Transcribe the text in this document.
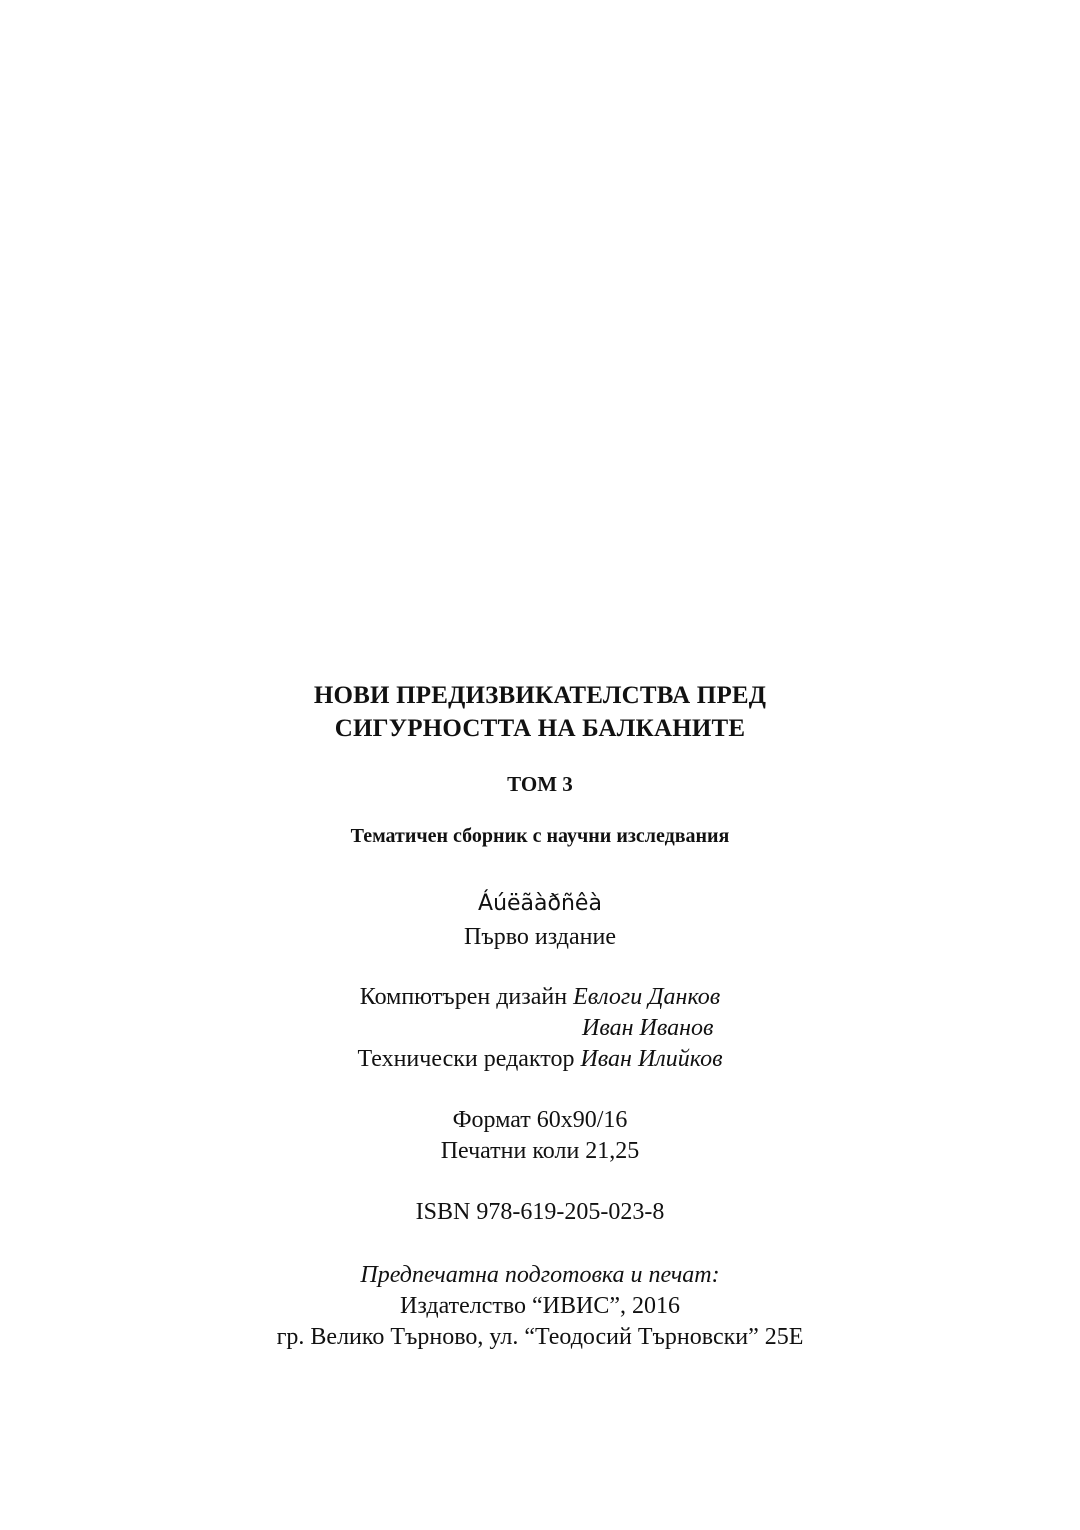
НОВИ ПРЕДИЗВИКАТЕЛСТВА ПРЕД
СИГУРНОСТТА НА БАЛКАНИТЕ
ТОМ 3
Тематичен сборник с научни изследвания
Áúëãàðñêà
Първо издание
Компютърен дизайн Евлоги Данков
Иван Иванов
Технически редактор Иван Илийков
Формат 60х90/16
Печатни коли 21,25
ISBN 978-619-205-023-8
Предпечатна подготовка и печат:
Издателство “ИВИС”, 2016
гр. Велико Търново, ул. “Теодосий Търновски” 25Е
